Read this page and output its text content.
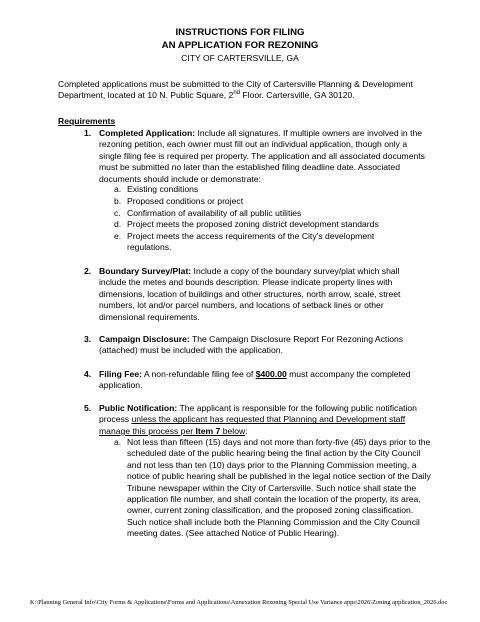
INSTRUCTIONS FOR FILING
AN APPLICATION FOR REZONING
CITY OF CARTERSVILLE, GA
Completed applications must be submitted to the City of Cartersville Planning & Development Department, located at 10 N. Public Square, 2nd Floor. Cartersville, GA 30120.
Requirements
1. Completed Application: Include all signatures. If multiple owners are involved in the rezoning petition, each owner must fill out an individual application, though only a single filing fee is required per property. The application and all associated documents must be submitted no later than the established filing deadline date. Associated documents should include or demonstrate:
a. Existing conditions
b. Proposed conditions or project
c. Confirmation of availability of all public utilities
d. Project meets the proposed zoning district development standards
e. Project meets the access requirements of the City’s development regulations.
2. Boundary Survey/Plat: Include a copy of the boundary survey/plat which shall include the metes and bounds description. Please indicate property lines with dimensions, location of buildings and other structures, north arrow, scale, street numbers, lot and/or parcel numbers, and locations of setback lines or other dimensional requirements.
3. Campaign Disclosure: The Campaign Disclosure Report For Rezoning Actions (attached) must be included with the application.
4. Filing Fee: A non-refundable filing fee of $400.00 must accompany the completed application.
5. Public Notification: The applicant is responsible for the following public notification process unless the applicant has requested that Planning and Development staff manage this process per Item 7 below:
a. Not less than fifteen (15) days and not more than forty-five (45) days prior to the scheduled date of the public hearing being the final action by the City Council and not less than ten (10) days prior to the Planning Commission meeting, a notice of public hearing shall be published in the legal notice section of the Daily Tribune newspaper within the City of Cartersville. Such notice shall state the application file number, and shall contain the location of the property, its area, owner, current zoning classification, and the proposed zoning classification. Such notice shall include both the Planning Commission and the City Council meeting dates. (See attached Notice of Public Hearing).
K:\Planning General Info\City Forms & Applications\Forms and Applications\Annexation Rezoning Special Use Variance apps\2026\Zoning application_2026.doc
